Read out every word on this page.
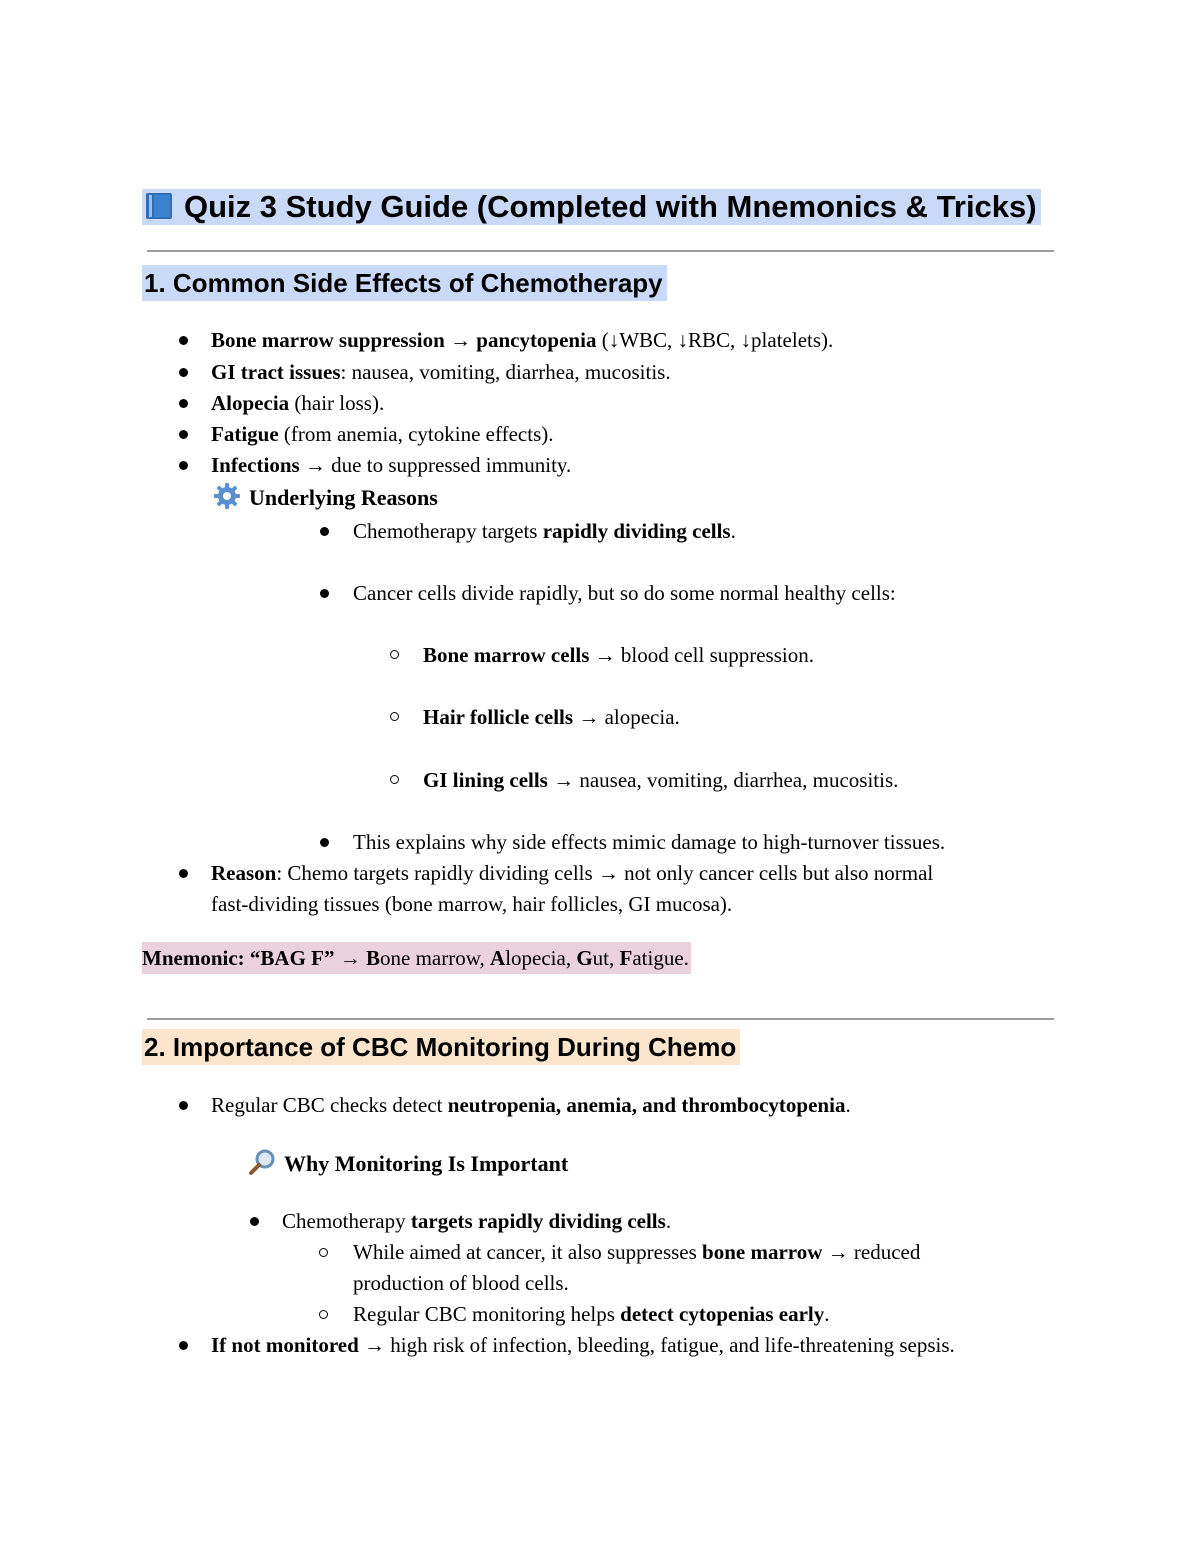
Quiz 3 Study Guide (Completed with Mnemonics & Tricks)
1. Common Side Effects of Chemotherapy
Bone marrow suppression → pancytopenia (↓WBC, ↓RBC, ↓platelets).
GI tract issues: nausea, vomiting, diarrhea, mucositis.
Alopecia (hair loss).
Fatigue (from anemia, cytokine effects).
Infections → due to suppressed immunity.
Underlying Reasons
Chemotherapy targets rapidly dividing cells.
Cancer cells divide rapidly, but so do some normal healthy cells:
Bone marrow cells → blood cell suppression.
Hair follicle cells → alopecia.
GI lining cells → nausea, vomiting, diarrhea, mucositis.
This explains why side effects mimic damage to high-turnover tissues.
Reason: Chemo targets rapidly dividing cells → not only cancer cells but also normal
fast-dividing tissues (bone marrow, hair follicles, GI mucosa).
Mnemonic: “BAG F” → Bone marrow, Alopecia, Gut, Fatigue.
2. Importance of CBC Monitoring During Chemo
Regular CBC checks detect neutropenia, anemia, and thrombocytopenia.
Why Monitoring Is Important
Chemotherapy targets rapidly dividing cells.
While aimed at cancer, it also suppresses bone marrow → reduced
production of blood cells.
Regular CBC monitoring helps detect cytopenias early.
If not monitored → high risk of infection, bleeding, fatigue, and life-threatening sepsis.
